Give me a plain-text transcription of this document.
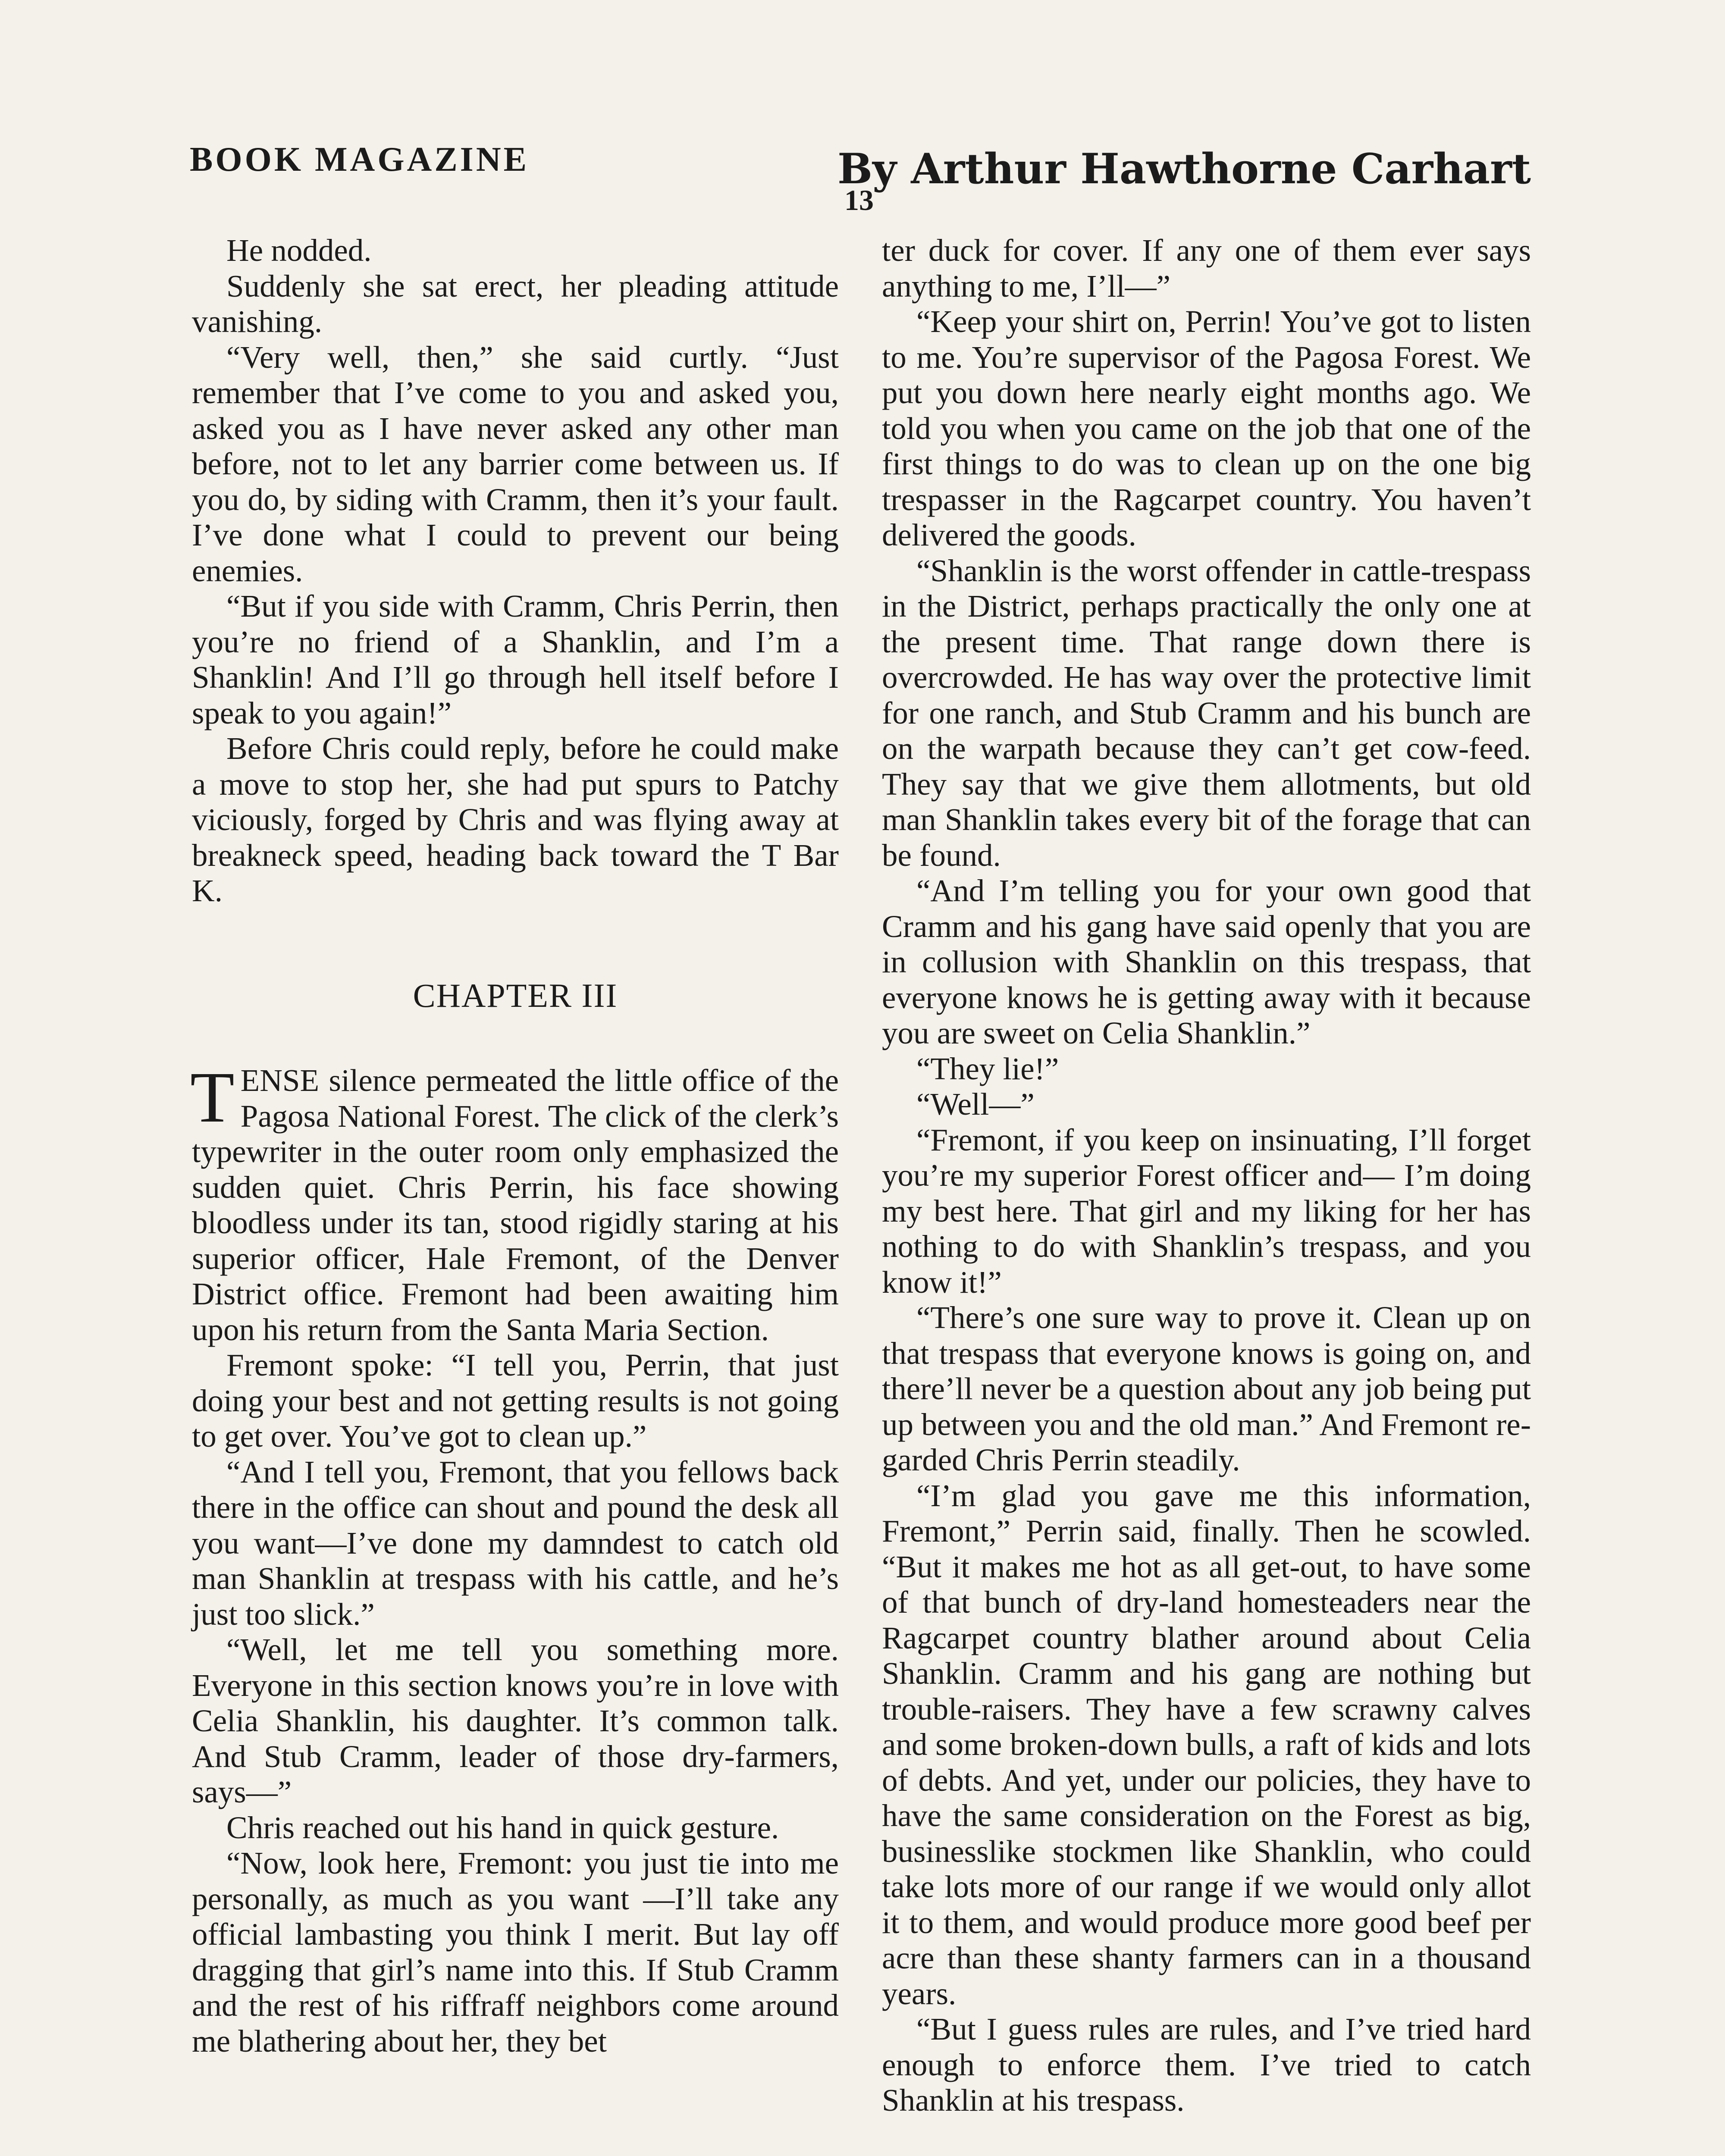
BOOK MAGAZINE	By Arthur Hawthorne Carhart
13

He nodded.

Suddenly she sat erect, her pleading attitude vanishing.

“Very well, then,” she said curtly. “Just remember that I’ve come to you and asked you, asked you as I have never asked any other man before, not to let any barrier come between us. If you do, by siding with Cramm, then it’s your fault. I’ve done what I could to prevent our being enemies.

“But if you side with Cramm, Chris Perrin, then you’re no friend of a Shanklin, and I’m a Shanklin! And I’ll go through hell itself before I speak to you again!”

Before Chris could reply, before he could make a move to stop her, she had put spurs to Patchy viciously, forged by Chris and was flying away at breakneck speed, heading back toward the T Bar K.

CHAPTER III

TENSE silence permeated the little office of the Pagosa National Forest. The click of the clerk’s typewriter in the outer room only emphasized the sudden quiet. Chris Perrin, his face showing bloodless under its tan, stood rigidly staring at his superior officer, Hale Fremont, of the Denver District office. Fremont had been awaiting him upon his return from the Santa Maria Section.

Fremont spoke: “I tell you, Perrin, that just doing your best and not getting results is not going to get over. You’ve got to clean up.”

“And I tell you, Fremont, that you fellows back there in the office can shout and pound the desk all you want—I’ve done my damndest to catch old man Shanklin at trespass with his cattle, and he’s just too slick.”

“Well, let me tell you something more. Everyone in this section knows you’re in love with Celia Shanklin, his daughter. It’s common talk. And Stub Cramm, leader of those dry-farmers, says—”

Chris reached out his hand in quick gesture.

“Now, look here, Fremont: you just tie into me personally, as much as you want —I’ll take any official lambasting you think I merit. But lay off dragging that girl’s name into this. If Stub Cramm and the rest of his riffraff neighbors come around me blathering about her, they bet

ter duck for cover. If any one of them ever says anything to me, I’ll—”

“Keep your shirt on, Perrin! You’ve got to listen to me. You’re supervisor of the Pagosa Forest. We put you down here nearly eight months ago. We told you when you came on the job that one of the first things to do was to clean up on the one big trespasser in the Ragcarpet country. You haven’t delivered the goods.

“Shanklin is the worst offender in cattle-trespass in the District, perhaps practically the only one at the present time. That range down there is overcrowded. He has way over the protective limit for one ranch, and Stub Cramm and his bunch are on the warpath because they can’t get cow-feed. They say that we give them allotments, but old man Shanklin takes every bit of the forage that can be found.

“And I’m telling you for your own good that Cramm and his gang have said openly that you are in collusion with Shanklin on this trespass, that everyone knows he is getting away with it because you are sweet on Celia Shanklin.”

“They lie!”

“Well—”

“Fremont, if you keep on insinuating, I’ll forget you’re my superior Forest officer and— I’m doing my best here. That girl and my liking for her has nothing to do with Shanklin’s trespass, and you know it!”

“There’s one sure way to prove it. Clean up on that trespass that everyone knows is going on, and there’ll never be a question about any job being put up between you and the old man.” And Fremont regarded Chris Perrin steadily.

“I’m glad you gave me this information, Fremont,” Perrin said, finally. Then he scowled. “But it makes me hot as all get-out, to have some of that bunch of dry-land homesteaders near the Ragcarpet country blather around about Celia Shanklin. Cramm and his gang are nothing but trouble-raisers. They have a few scrawny calves and some broken-down bulls, a raft of kids and lots of debts. And yet, under our policies, they have to have the same consideration on the Forest as big, businesslike stockmen like Shanklin, who could take lots more of our range if we would only allot it to them, and would produce more good beef per acre than these shanty farmers can in a thousand years.

“But I guess rules are rules, and I’ve tried hard enough to enforce them. I’ve tried to catch Shanklin at his trespass.
